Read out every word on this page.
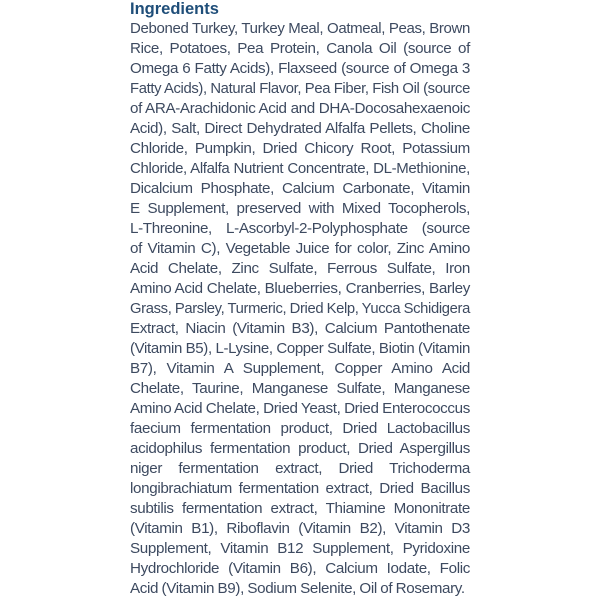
Ingredients
Deboned Turkey, Turkey Meal, Oatmeal, Peas, Brown
Rice, Potatoes, Pea Protein, Canola Oil (source of
Omega 6 Fatty Acids), Flaxseed (source of Omega 3
Fatty Acids), Natural Flavor, Pea Fiber, Fish Oil (source
of ARA-Arachidonic Acid and DHA-Docosahexaenoic
Acid), Salt, Direct Dehydrated Alfalfa Pellets, Choline
Chloride, Pumpkin, Dried Chicory Root, Potassium
Chloride, Alfalfa Nutrient Concentrate, DL-Methionine,
Dicalcium Phosphate, Calcium Carbonate, Vitamin
E Supplement, preserved with Mixed Tocopherols,
L-Threonine, L-Ascorbyl-2-Polyphosphate (source
of Vitamin C), Vegetable Juice for color, Zinc Amino
Acid Chelate, Zinc Sulfate, Ferrous Sulfate, Iron
Amino Acid Chelate, Blueberries, Cranberries, Barley
Grass, Parsley, Turmeric, Dried Kelp, Yucca Schidigera
Extract, Niacin (Vitamin B3), Calcium Pantothenate
(Vitamin B5), L-Lysine, Copper Sulfate, Biotin (Vitamin
B7), Vitamin A Supplement, Copper Amino Acid
Chelate, Taurine, Manganese Sulfate, Manganese
Amino Acid Chelate, Dried Yeast, Dried Enterococcus
faecium fermentation product, Dried Lactobacillus
acidophilus fermentation product, Dried Aspergillus
niger fermentation extract, Dried Trichoderma
longibrachiatum fermentation extract, Dried Bacillus
subtilis fermentation extract, Thiamine Mononitrate
(Vitamin B1), Riboflavin (Vitamin B2), Vitamin D3
Supplement, Vitamin B12 Supplement, Pyridoxine
Hydrochloride (Vitamin B6), Calcium Iodate, Folic
Acid (Vitamin B9), Sodium Selenite, Oil of Rosemary.
